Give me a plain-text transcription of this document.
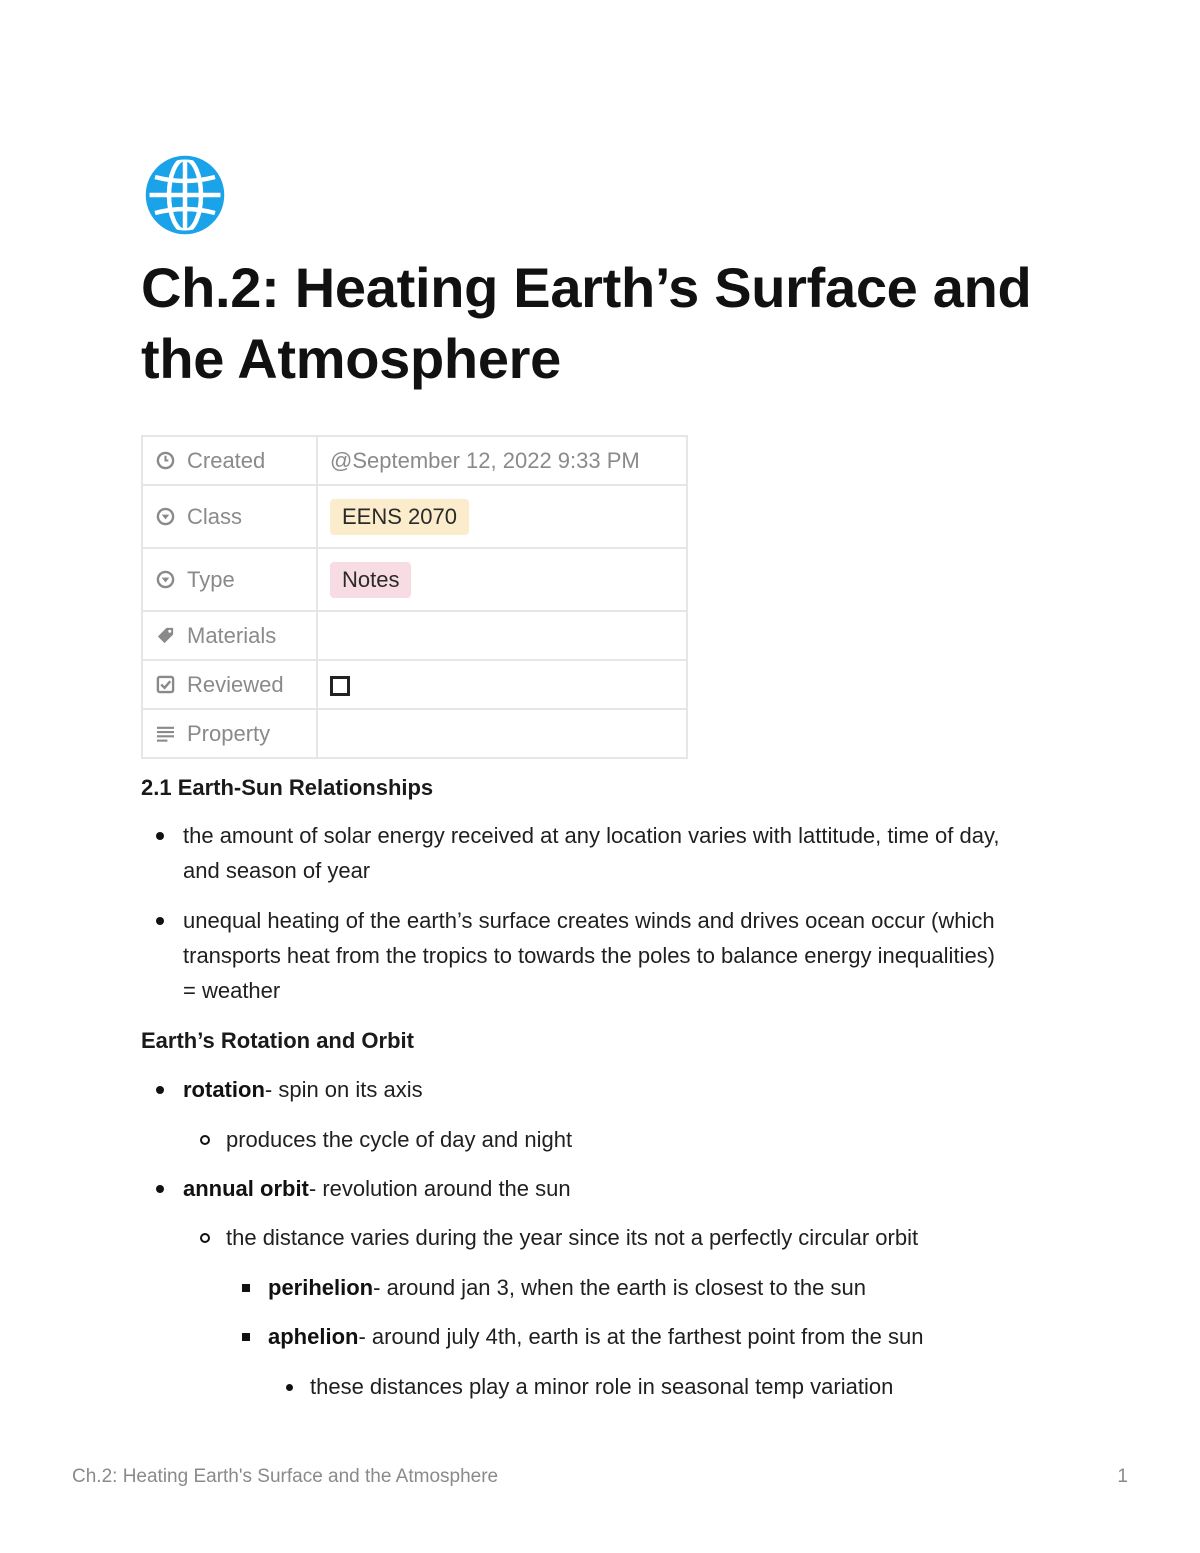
Ch.2: Heating Earth’s Surface and the Atmosphere
Created	@September 12, 2022 9:33 PM
Class	EENS 2070
Type	Notes
Materials	
Reviewed	
Property	
2.1 Earth-Sun Relationships
the amount of solar energy received at any location varies with lattitude, time of day,
and season of year
unequal heating of the earth’s surface creates winds and drives ocean occur (which
transports heat from the tropics to towards the poles to balance energy inequalities)
= weather
Earth’s Rotation and Orbit
rotation- spin on its axis
produces the cycle of day and night
annual orbit- revolution around the sun
the distance varies during the year since its not a perfectly circular orbit
perihelion- around jan 3, when the earth is closest to the sun
aphelion- around july 4th, earth is at the farthest point from the sun
these distances play a minor role in seasonal temp variation
Ch.2: Heating Earth's Surface and the Atmosphere	1
